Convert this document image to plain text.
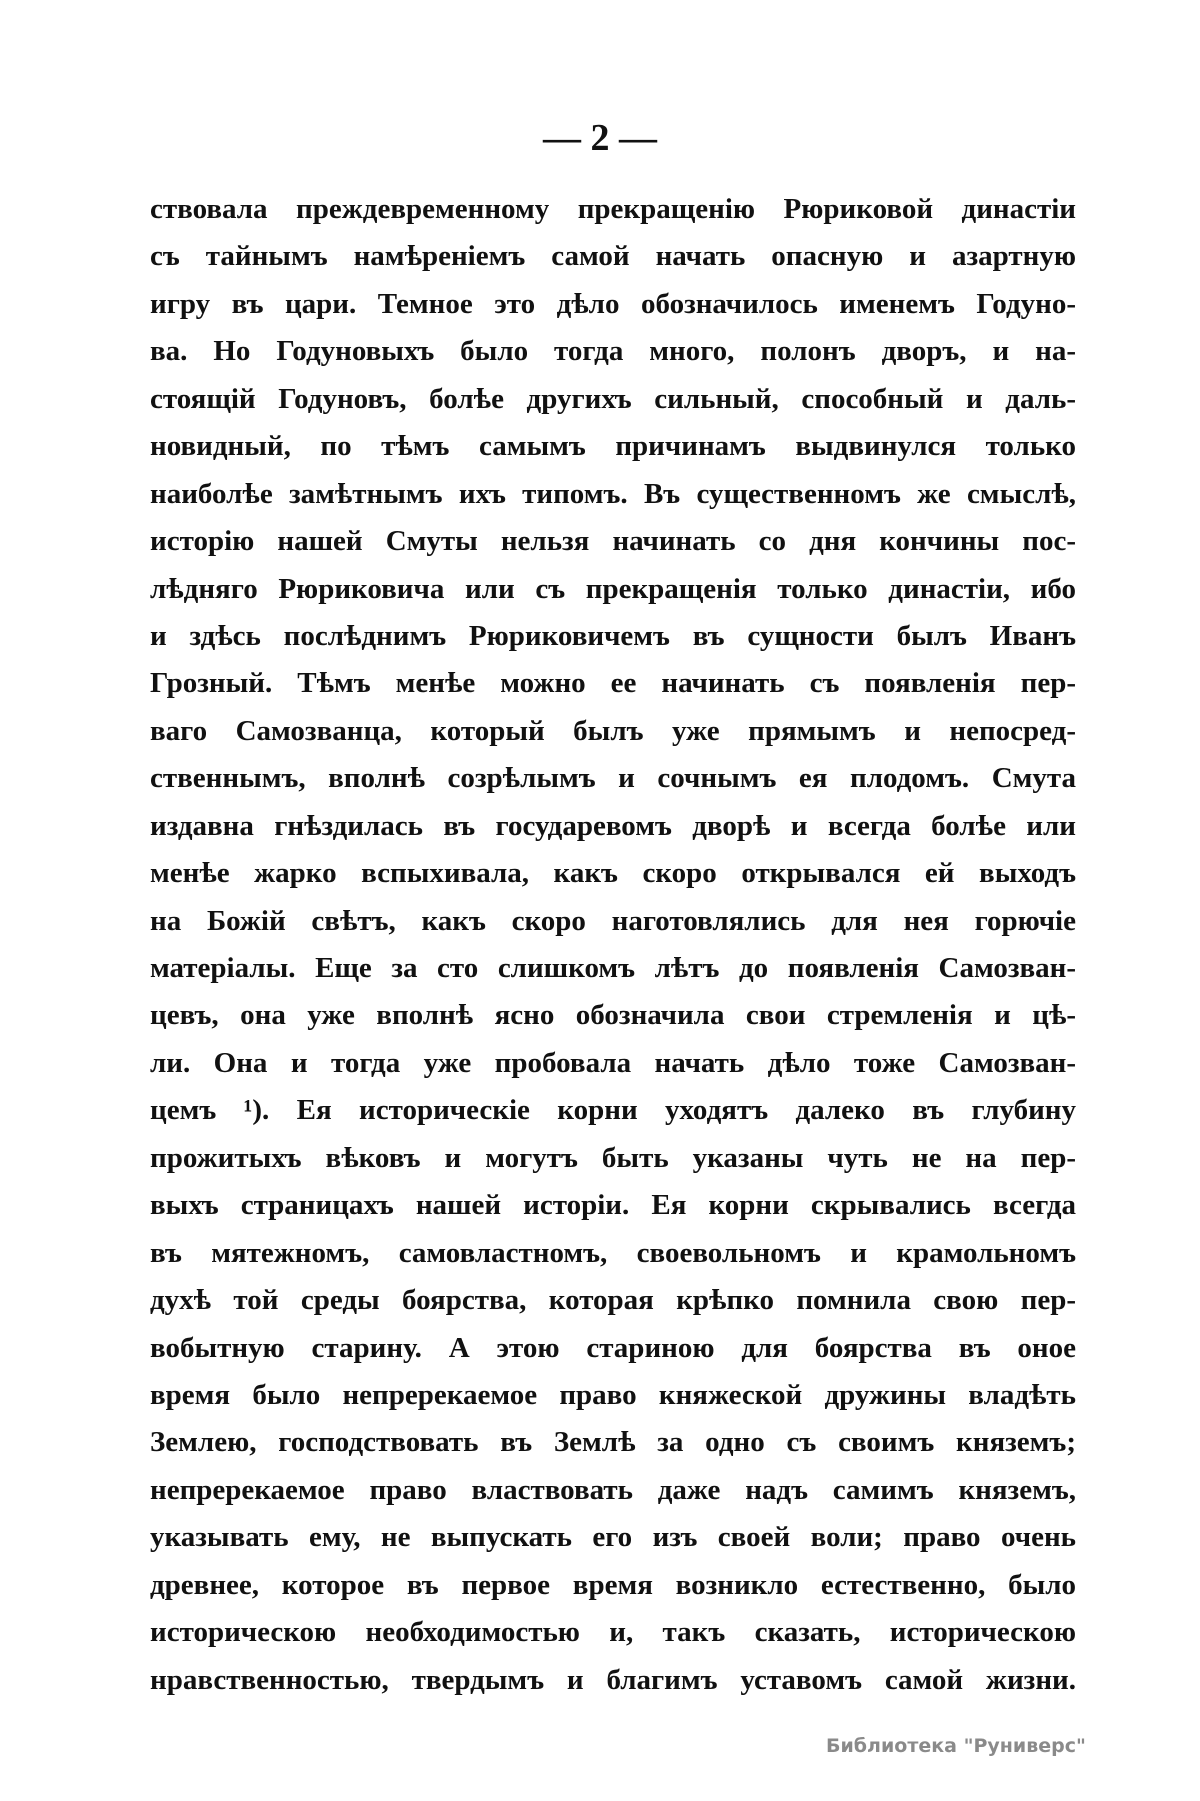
— 2 —
ствовала преждевременному прекращенію Рюриковой династіи
съ тайнымъ намѣреніемъ самой начать опасную и азартную
игру въ цари. Темное это дѣло обозначилось именемъ Годуно-
ва. Но Годуновыхъ было тогда много, полонъ дворъ, и на-
стоящій Годуновъ, болѣе другихъ сильный, способный и даль-
новидный, по тѣмъ самымъ причинамъ выдвинулся только
наиболѣе замѣтнымъ ихъ типомъ. Въ существенномъ же смыслѣ,
исторію нашей Смуты нельзя начинать со дня кончины пос-
лѣдняго Рюриковича или съ прекращенія только династіи, ибо
и здѣсь послѣднимъ Рюриковичемъ въ сущности былъ Иванъ
Грозный. Тѣмъ менѣе можно ее начинать съ появленія пер-
ваго Самозванца, который былъ уже прямымъ и непосред-
ственнымъ, вполнѣ созрѣлымъ и сочнымъ ея плодомъ. Смута
издавна гнѣздилась въ государевомъ дворѣ и всегда болѣе или
менѣе жарко вспыхивала, какъ скоро открывался ей выходъ
на Божій свѣтъ, какъ скоро наготовлялись для нея горючіе
матеріалы. Еще за сто слишкомъ лѣтъ до появленія Самозван-
цевъ, она уже вполнѣ ясно обозначила свои стремленія и цѣ-
ли. Она и тогда уже пробовала начать дѣло тоже Самозван-
цемъ ¹). Ея историческіе корни уходятъ далеко въ глубину
прожитыхъ вѣковъ и могутъ быть указаны чуть не на пер-
выхъ страницахъ нашей исторіи. Ея корни скрывались всегда
въ мятежномъ, самовластномъ, своевольномъ и крамольномъ
духѣ той среды боярства, которая крѣпко помнила свою пер-
вобытную старину. А этою стариною для боярства въ оное
время было непререкаемое право княжеской дружины владѣть
Землею, господствовать въ Землѣ за одно съ своимъ княземъ;
непререкаемое право властвовать даже надъ самимъ княземъ,
указывать ему, не выпускать его изъ своей воли; право очень
древнее, которое въ первое время возникло естественно, было
историческою необходимостью и, такъ сказать, историческою
нравственностью, твердымъ и благимъ уставомъ самой жизни.
Библиотека "Руниверс"
